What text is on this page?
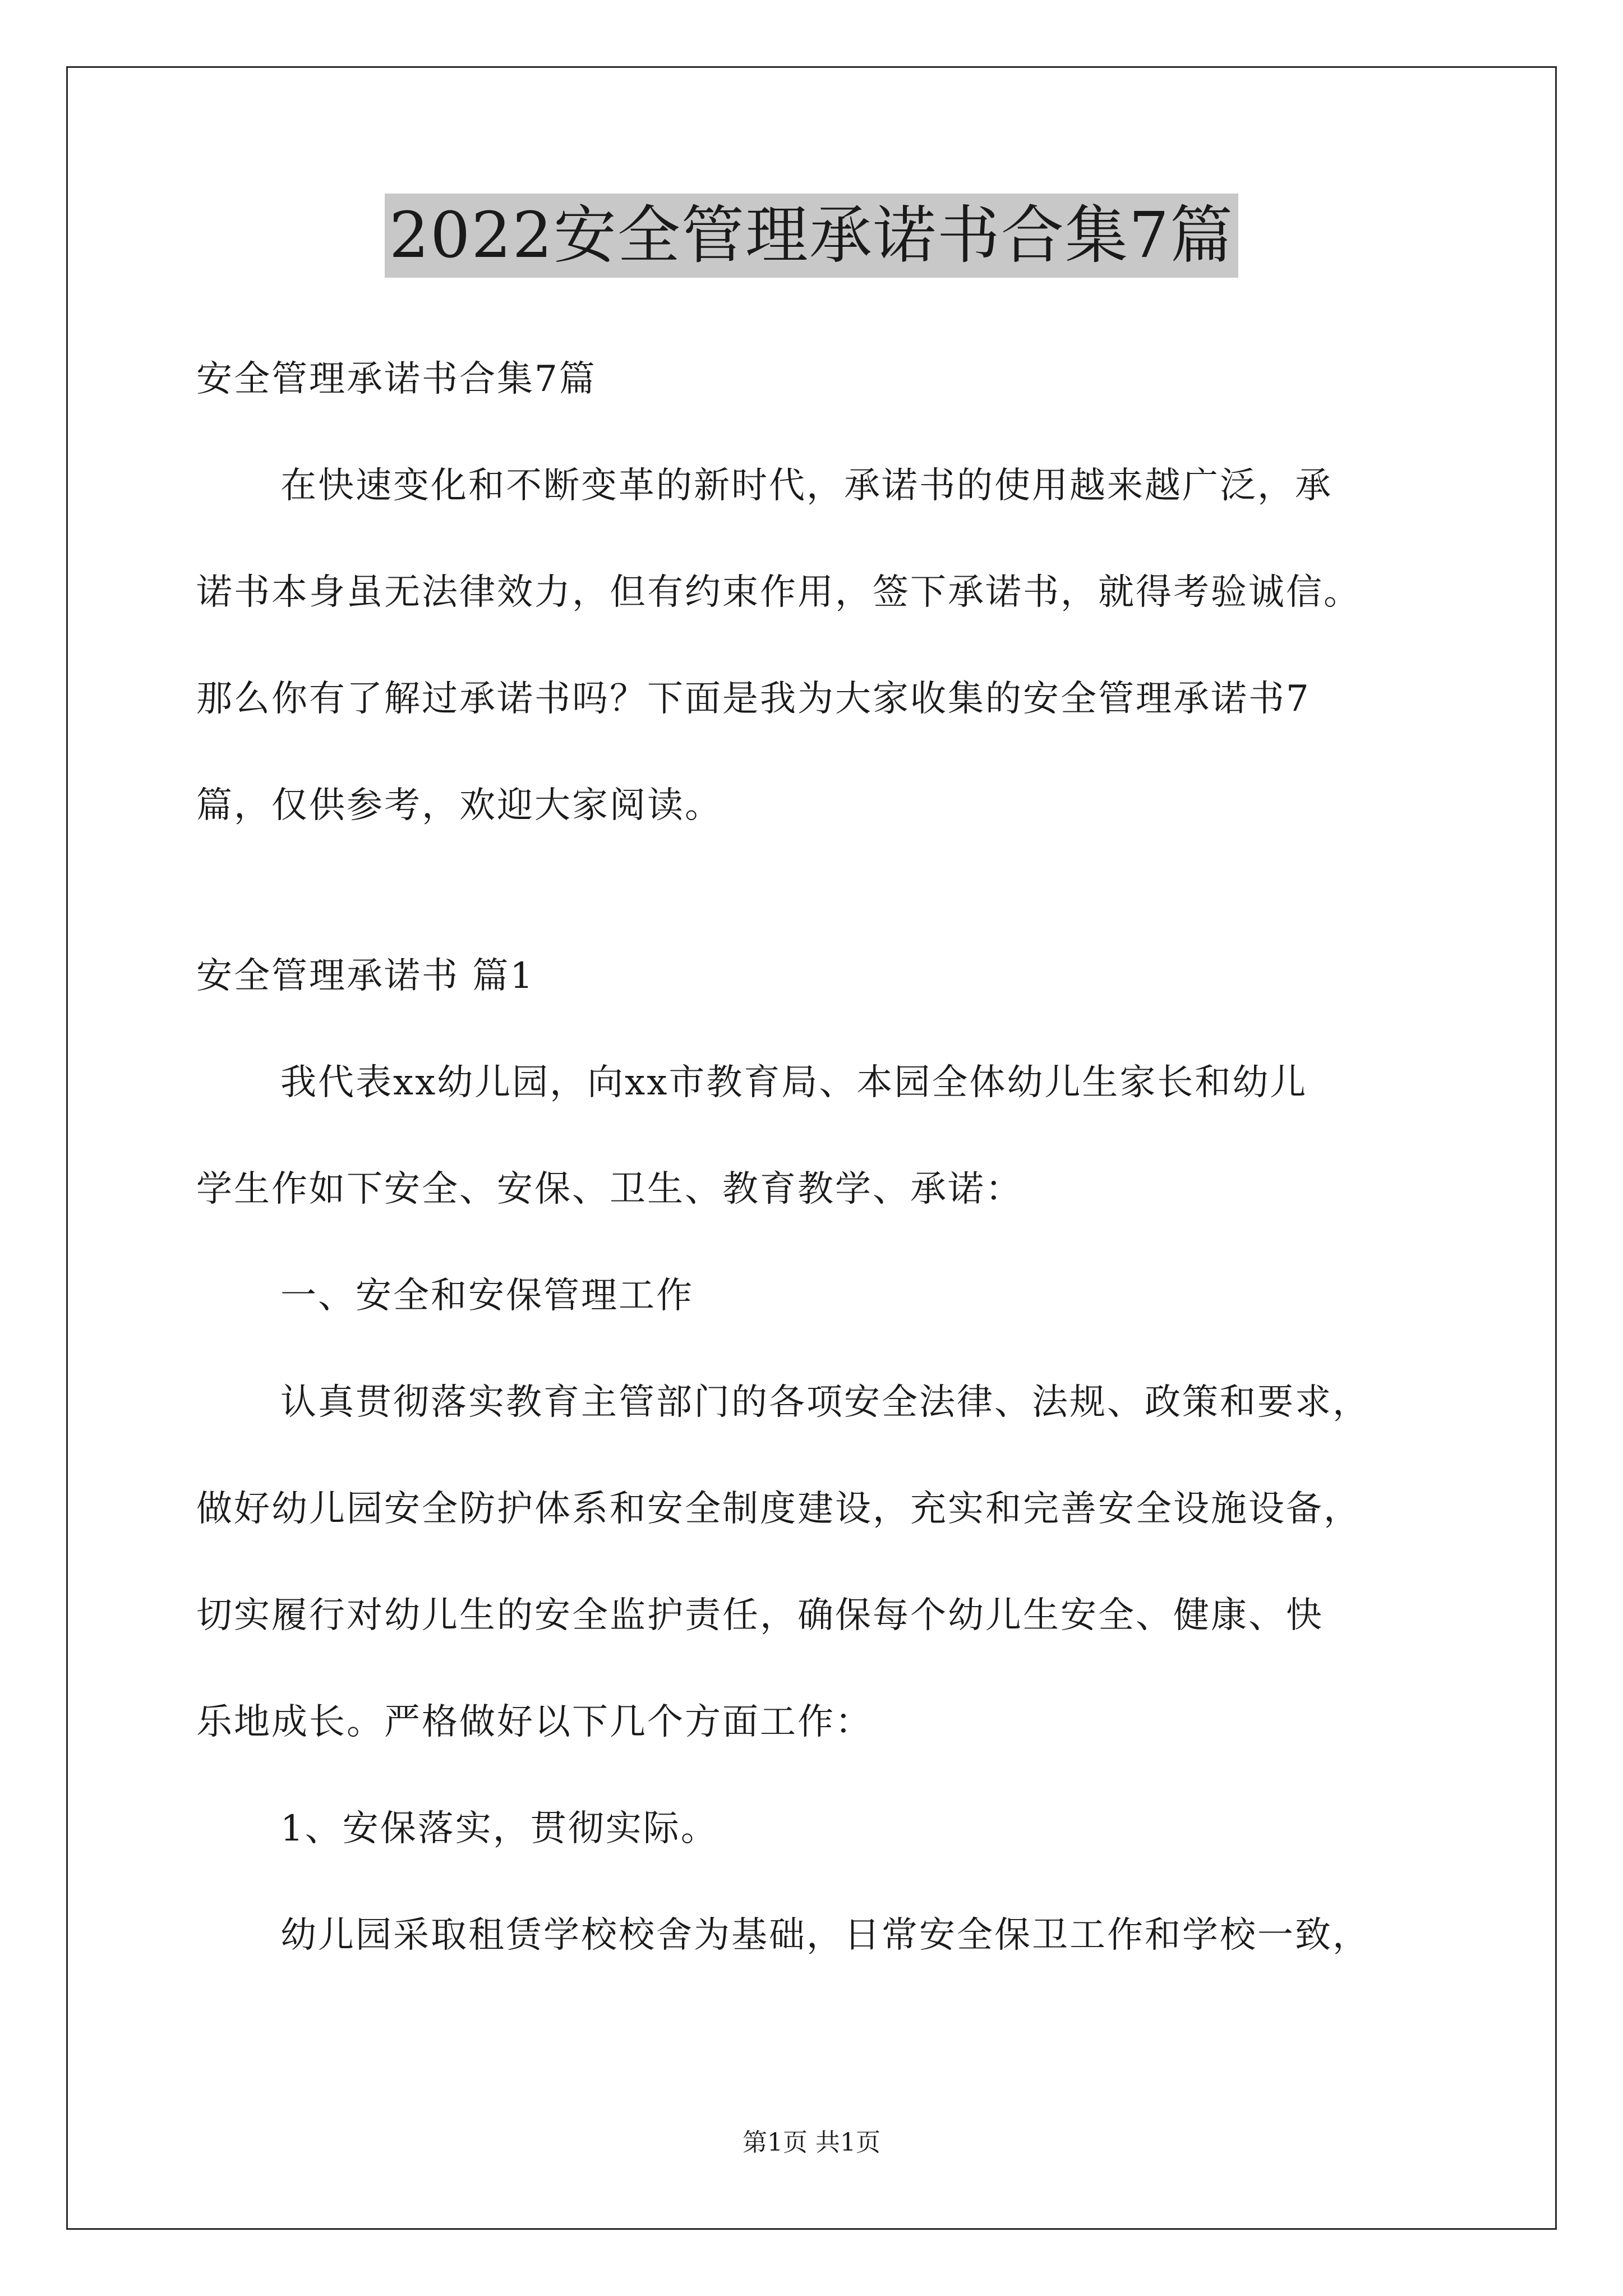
2022安全管理承诺书合集7篇
安全管理承诺书合集7篇
在快速变化和不断变革的新时代，承诺书的使用越来越广泛，承
诺书本身虽无法律效力，但有约束作用，签下承诺书，就得考验诚信。
那么你有了解过承诺书吗？下面是我为大家收集的安全管理承诺书7
篇，仅供参考，欢迎大家阅读。
安全管理承诺书 篇1
我代表xx幼儿园，向xx市教育局、本园全体幼儿生家长和幼儿
学生作如下安全、安保、卫生、教育教学、承诺：
一、安全和安保管理工作
认真贯彻落实教育主管部门的各项安全法律、法规、政策和要求，
做好幼儿园安全防护体系和安全制度建设，充实和完善安全设施设备，
切实履行对幼儿生的安全监护责任，确保每个幼儿生安全、健康、快
乐地成长。严格做好以下几个方面工作：
1、安保落实，贯彻实际。
幼儿园采取租赁学校校舍为基础，日常安全保卫工作和学校一致，
第1页 共1页
